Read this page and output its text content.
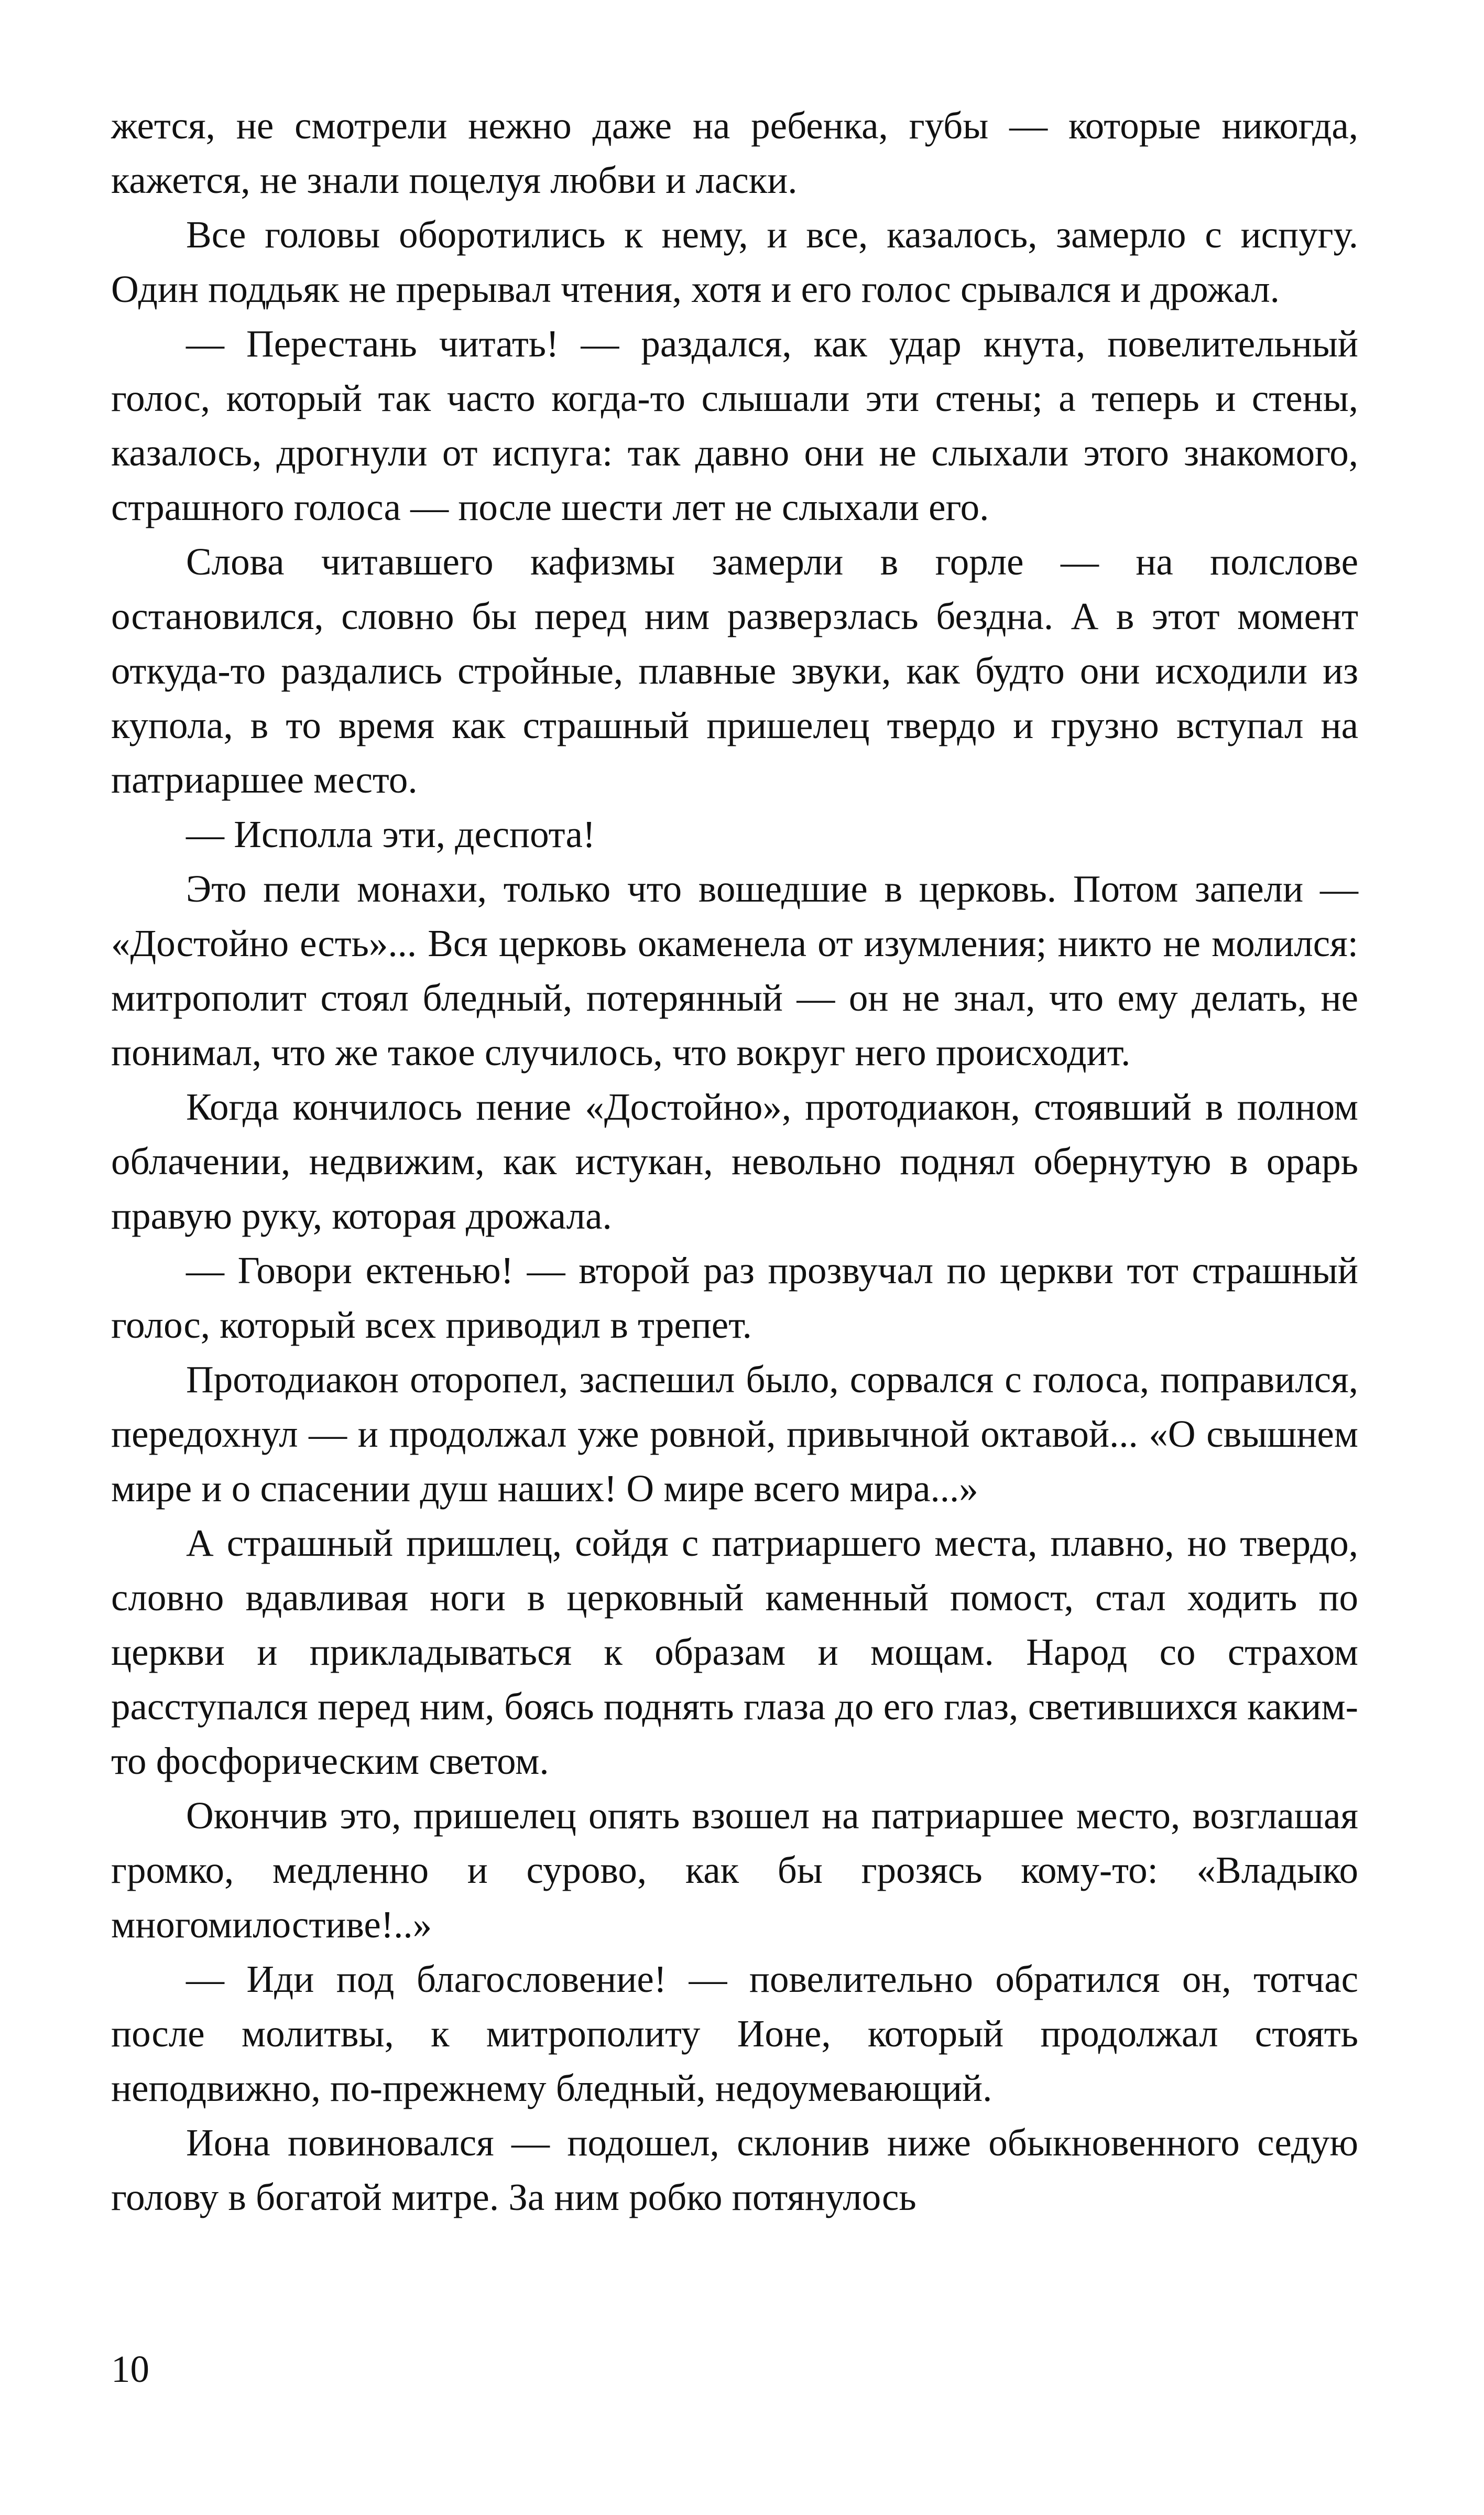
жется, не смотрели нежно даже на ребенка, губы — которые никогда, кажется, не знали поцелуя любви и ласки.

Все головы оборотились к нему, и все, казалось, замерло с испугу. Один поддьяк не прерывал чтения, хотя и его голос срывался и дрожал.

— Перестань читать! — раздался, как удар кнута, повелительный голос, который так часто когда-то слышали эти стены; а теперь и стены, казалось, дрогнули от испуга: так давно они не слыхали этого знакомого, страшного голоса — после шести лет не слыхали его.

Слова читавшего кафизмы замерли в горле — на полслове остановился, словно бы перед ним разверзлась бездна. А в этот момент откуда-то раздались стройные, плавные звуки, как будто они исходили из купола, в то время как страшный пришелец твердо и грузно вступал на патриаршее место.

— Исполла эти, деспота!

Это пели монахи, только что вошедшие в церковь. Потом запели — «Достойно есть»... Вся церковь окаменела от изумления; никто не молился: митрополит стоял бледный, потерянный — он не знал, что ему делать, не понимал, что же такое случилось, что вокруг него происходит.

Когда кончилось пение «Достойно», протодиакон, стоявший в полном облачении, недвижим, как истукан, невольно поднял обернутую в орарь правую руку, которая дрожала.

— Говори ектенью! — второй раз прозвучал по церкви тот страшный голос, который всех приводил в трепет.

Протодиакон оторопел, заспешил было, сорвался с голоса, поправился, передохнул — и продолжал уже ровной, привычной октавой... «О свышнем мире и о спасении душ наших! О мире всего мира...»

А страшный пришлец, сойдя с патриаршего места, плавно, но твердо, словно вдавливая ноги в церковный каменный помост, стал ходить по церкви и прикладываться к образам и мощам. Народ со страхом расступался перед ним, боясь поднять глаза до его глаз, светившихся каким-то фосфорическим светом.

Окончив это, пришелец опять взошел на патриаршее место, возглашая громко, медленно и сурово, как бы грозясь кому-то: «Владыко многомилостиве!..»

— Иди под благословение! — повелительно обратился он, тотчас после молитвы, к митрополиту Ионе, который продолжал стоять неподвижно, по-прежнему бледный, недоумевающий.

Иона повиновался — подошел, склонив ниже обыкновенного седую голову в богатой митре. За ним робко потянулось

10
